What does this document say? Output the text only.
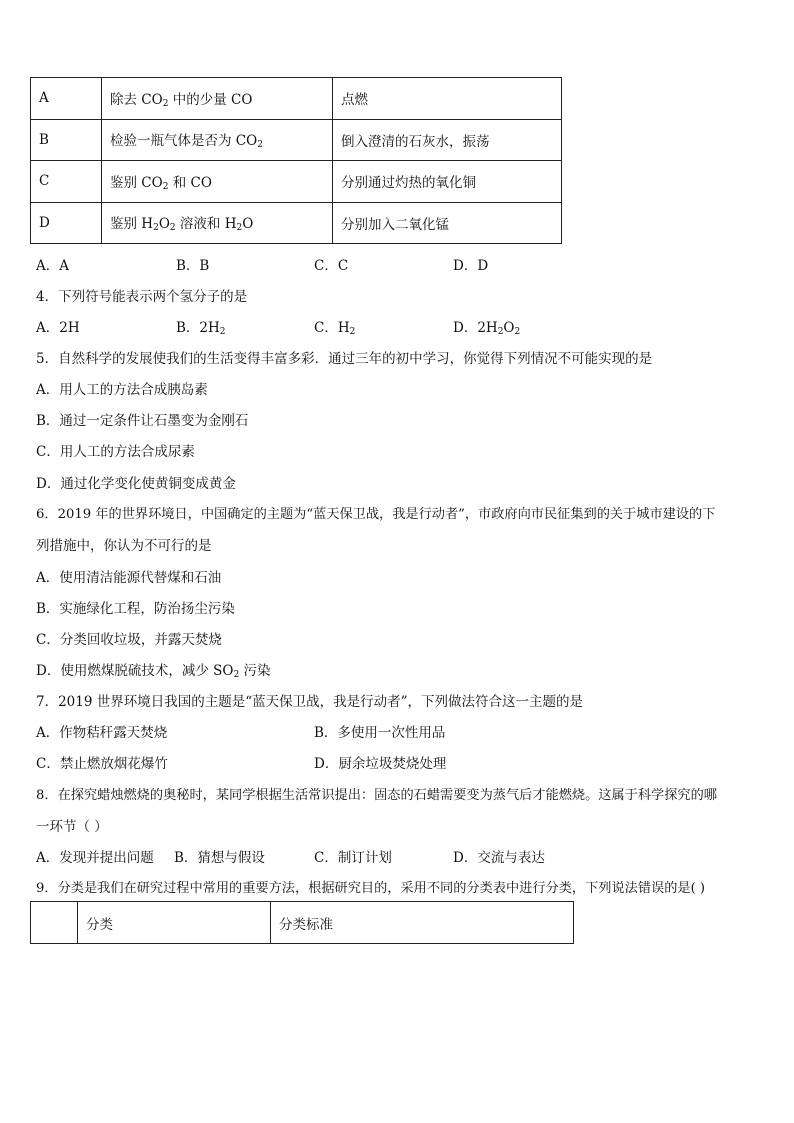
A	除去 $CO_2$ 中的少量 CO	点燃
B	检验一瓶气体是否为 $CO_2$	倒入澄清的石灰水，振荡
C	鉴别 $CO_2$ 和 CO	分别通过灼热的氧化铜
D	鉴别 $H_2O_2$ 溶液和 $H_2O$	分别加入二氧化锰
A．A	B．B	C．C	D．D
4．下列符号能表示两个氢分子的是
A．2H	B．$2H_2$	C．$H_2$	D．$2H_2O_2$
5．自然科学的发展使我们的生活变得丰富多彩．通过三年的初中学习，你觉得下列情况不可能实现的是
A．用人工的方法合成胰岛素
B．通过一定条件让石墨变为金刚石
C．用人工的方法合成尿素
D．通过化学变化使黄铜变成黄金
6．2019 年的世界环境日，中国确定的主题为“蓝天保卫战，我是行动者”，市政府向市民征集到的关于城市建设的下
列措施中，你认为不可行的是
A．使用清洁能源代替煤和石油
B．实施绿化工程，防治扬尘污染
C．分类回收垃圾，并露天焚烧
D．使用燃煤脱硫技术，减少 $SO_2$ 污染
7．2019 世界环境日我国的主题是“蓝天保卫战，我是行动者”，下列做法符合这一主题的是
A．作物秸秆露天焚烧	B．多使用一次性用品
C．禁止燃放烟花爆竹	D．厨余垃圾焚烧处理
8．在探究蜡烛燃烧的奥秘时，某同学根据生活常识提出：固态的石蜡需要变为蒸气后才能燃烧。这属于科学探究的哪
一环节（ ）
A．发现并提出问题 B．猜想与假设	C．制订计划	D．交流与表达
9．分类是我们在研究过程中常用的重要方法，根据研究目的，采用不同的分类表中进行分类，下列说法错误的是( )
	分类	分类标准
